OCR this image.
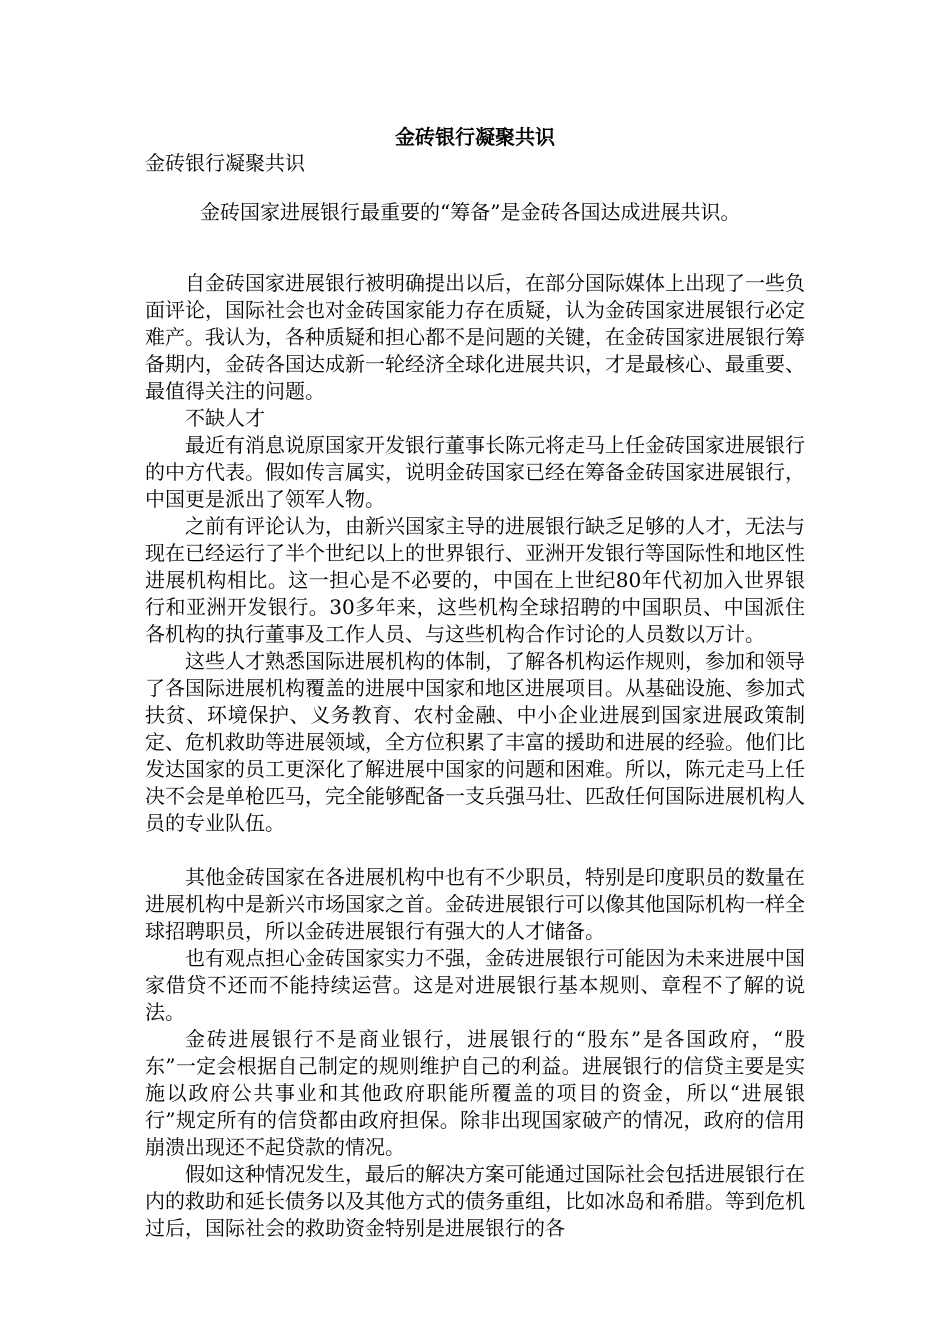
金砖银行凝聚共识
金砖银行凝聚共识
金砖国家进展银行最重要的“筹备”是金砖各国达成进展共识。

自金砖国家进展银行被明确提出以后，在部分国际媒体上出现了一些负面评论，国际社会也对金砖国家能力存在质疑，认为金砖国家进展银行必定难产。我认为，各种质疑和担心都不是问题的关键，在金砖国家进展银行筹备期内，金砖各国达成新一轮经济全球化进展共识，才是最核心、最重要、最值得关注的问题。

不缺人才

最近有消息说原国家开发银行董事长陈元将走马上任金砖国家进展银行的中方代表。假如传言属实，说明金砖国家已经在筹备金砖国家进展银行，中国更是派出了领军人物。

之前有评论认为，由新兴国家主导的进展银行缺乏足够的人才，无法与现在已经运行了半个世纪以上的世界银行、亚洲开发银行等国际性和地区性进展机构相比。这一担心是不必要的，中国在上世纪80年代初加入世界银行和亚洲开发银行。30多年来，这些机构全球招聘的中国职员、中国派住各机构的执行董事及工作人员、与这些机构合作讨论的人员数以万计。

这些人才熟悉国际进展机构的体制，了解各机构运作规则，参加和领导了各国际进展机构覆盖的进展中国家和地区进展项目。从基础设施、参加式扶贫、环境保护、义务教育、农村金融、中小企业进展到国家进展政策制定、危机救助等进展领域，全方位积累了丰富的援助和进展的经验。他们比发达国家的员工更深化了解进展中国家的问题和困难。所以，陈元走马上任决不会是单枪匹马，完全能够配备一支兵强马壮、匹敌任何国际进展机构人员的专业队伍。

其他金砖国家在各进展机构中也有不少职员，特别是印度职员的数量在进展机构中是新兴市场国家之首。金砖进展银行可以像其他国际机构一样全球招聘职员，所以金砖进展银行有强大的人才储备。

也有观点担心金砖国家实力不强，金砖进展银行可能因为未来进展中国家借贷不还而不能持续运营。这是对进展银行基本规则、章程不了解的说法。

金砖进展银行不是商业银行，进展银行的“股东”是各国政府，“股东”一定会根据自己制定的规则维护自己的利益。进展银行的信贷主要是实施以政府公共事业和其他政府职能所覆盖的项目的资金，所以“进展银行”规定所有的信贷都由政府担保。除非出现国家破产的情况，政府的信用崩溃出现还不起贷款的情况。

假如这种情况发生，最后的解决方案可能通过国际社会包括进展银行在内的救助和延长债务以及其他方式的债务重组，比如冰岛和希腊。等到危机过后，国际社会的救助资金特别是进展银行的各
